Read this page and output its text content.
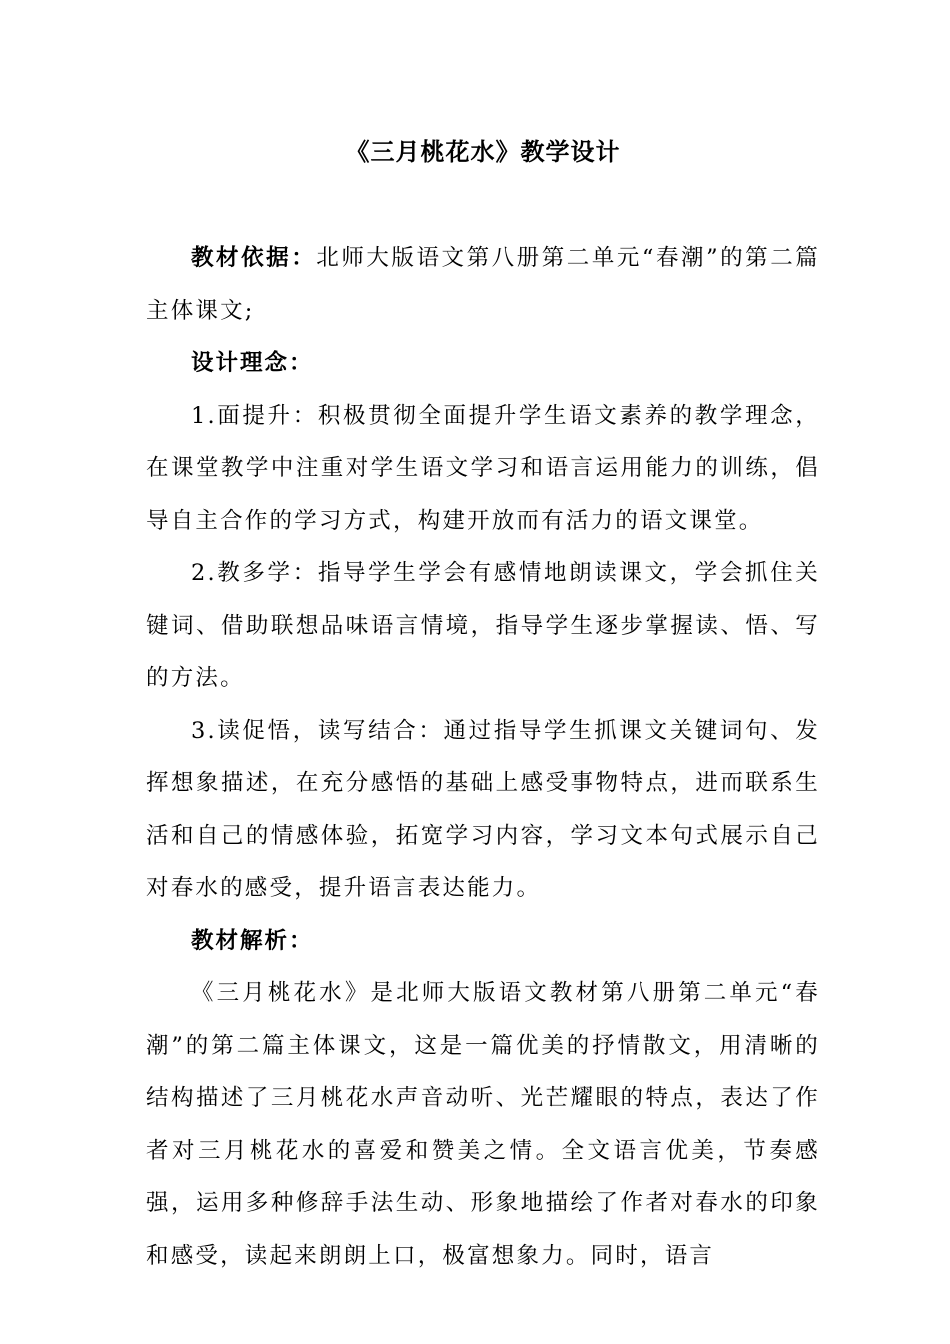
《三月桃花水》教学设计

教材依据：北师大版语文第八册第二单元“春潮”的第二篇主体课文;

设计理念：

1.面提升：积极贯彻全面提升学生语文素养的教学理念，在课堂教学中注重对学生语文学习和语言运用能力的训练，倡导自主合作的学习方式，构建开放而有活力的语文课堂。

2.教多学：指导学生学会有感情地朗读课文，学会抓住关键词、借助联想品味语言情境，指导学生逐步掌握读、悟、写的方法。

3.读促悟，读写结合：通过指导学生抓课文关键词句、发挥想象描述，在充分感悟的基础上感受事物特点，进而联系生活和自己的情感体验，拓宽学习内容，学习文本句式展示自己对春水的感受，提升语言表达能力。

教材解析：

《三月桃花水》是北师大版语文教材第八册第二单元“春潮”的第二篇主体课文，这是一篇优美的抒情散文，用清晰的结构描述了三月桃花水声音动听、光芒耀眼的特点，表达了作者对三月桃花水的喜爱和赞美之情。全文语言优美，节奏感强，运用多种修辞手法生动、形象地描绘了作者对春水的印象和感受，读起来朗朗上口，极富想象力。同时，语言
